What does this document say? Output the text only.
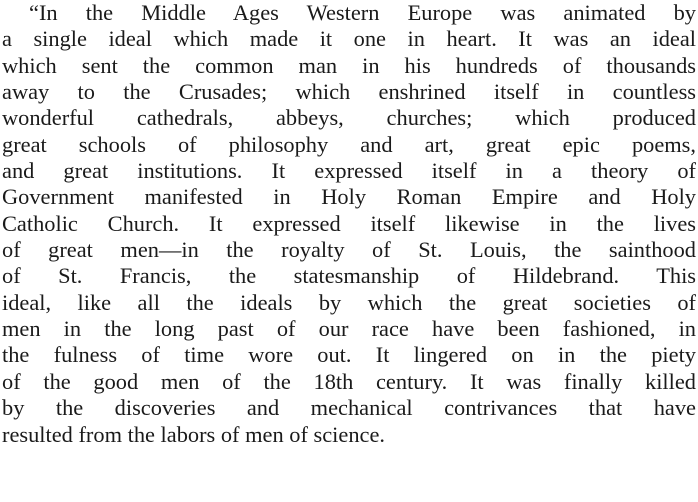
“In the Middle Ages Western Europe was animated by
a single ideal which made it one in heart. It was an ideal
which sent the common man in his hundreds of thousands
away to the Crusades; which enshrined itself in countless
wonderful cathedrals, abbeys, churches; which produced
great schools of philosophy and art, great epic poems,
and great institutions. It expressed itself in a theory of
Government manifested in Holy Roman Empire and Holy
Catholic Church. It expressed itself likewise in the lives
of great men—in the royalty of St. Louis, the sainthood
of St. Francis, the statesmanship of Hildebrand. This
ideal, like all the ideals by which the great societies of
men in the long past of our race have been fashioned, in
the fulness of time wore out. It lingered on in the piety
of the good men of the 18th century. It was finally killed
by the discoveries and mechanical contrivances that have
resulted from the labors of men of science.
